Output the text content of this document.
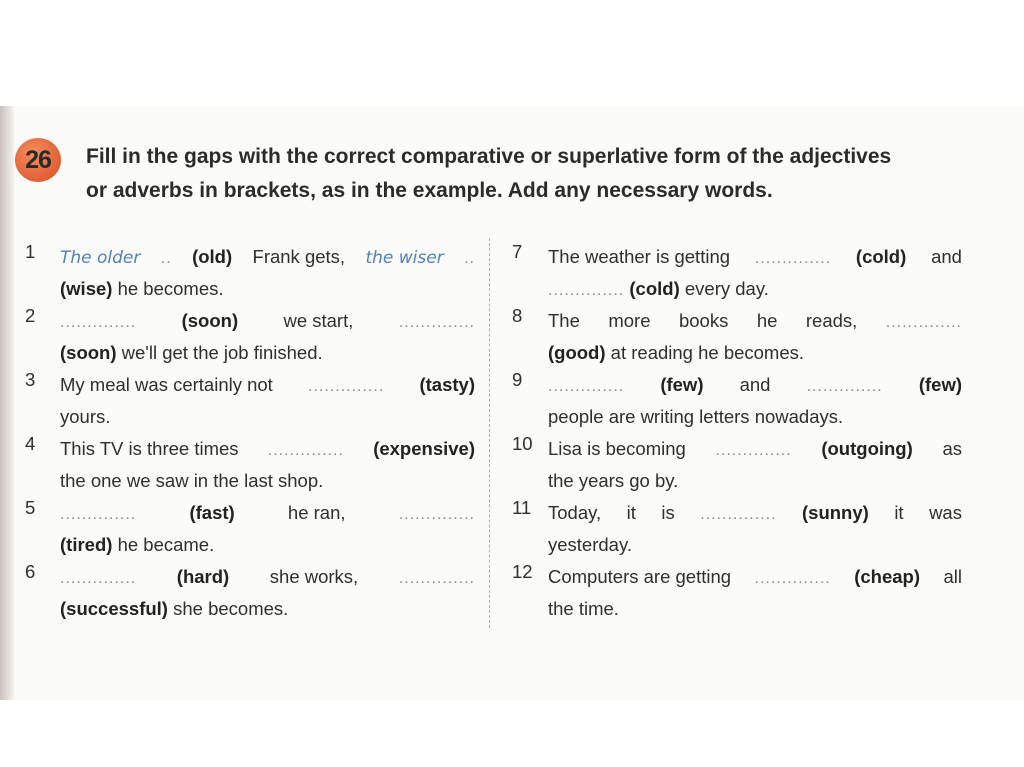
26 Fill in the gaps with the correct comparative or superlative form of the adjectives
or adverbs in brackets, as in the example. Add any necessary words.
1	The older .. (old) Frank gets, the wiser ..
(wise) he becomes.
2	.............. (soon) we start,	..............
(soon) we'll get the job finished.
3	My meal was certainly not .............. (tasty)
yours.
4	This TV is three times .............. (expensive)
the one we saw in the last shop.
5	..............	(fast)	he ran,	..............
(tired) he became.
6	.............. (hard) she works,	..............
(successful) she becomes.
7	The weather is getting .............. (cold) and
.............. (cold) every day.
8	The more books he reads, ..............
(good) at reading he becomes.
9	.............. (few) and .............. (few)
people are writing letters nowadays.
10 Lisa is becoming .............. (outgoing) as
the years go by.
11 Today, it is .............. (sunny) it was
yesterday.
12 Computers are getting .............. (cheap) all
the time.
